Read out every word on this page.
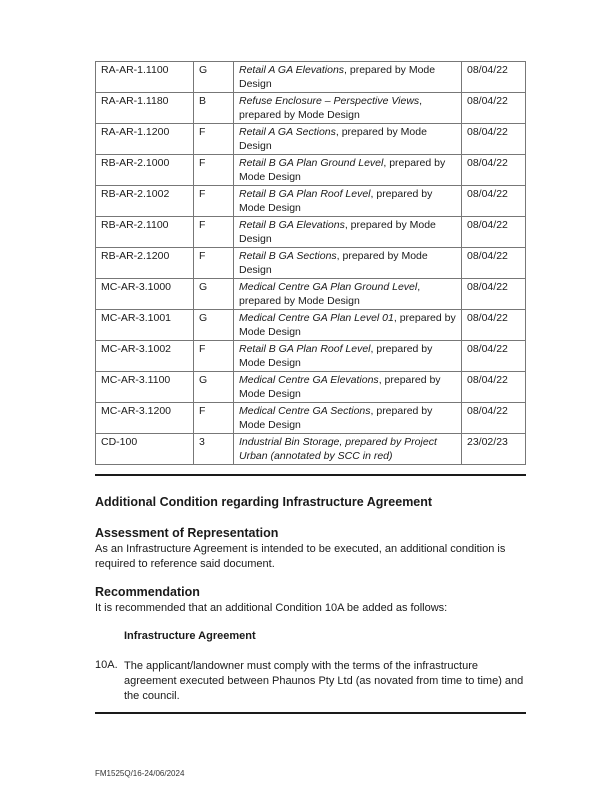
RA-AR-1.1100	G	Retail A GA Elevations, prepared by Mode Design	08/04/22
RA-AR-1.1180	B	Refuse Enclosure – Perspective Views, prepared by Mode Design	08/04/22
RA-AR-1.1200	F	Retail A GA Sections, prepared by Mode Design	08/04/22
RB-AR-2.1000	F	Retail B GA Plan Ground Level, prepared by Mode Design	08/04/22
RB-AR-2.1002	F	Retail B GA Plan Roof Level, prepared by Mode Design	08/04/22
RB-AR-2.1100	F	Retail B GA Elevations, prepared by Mode Design	08/04/22
RB-AR-2.1200	F	Retail B GA Sections, prepared by Mode Design	08/04/22
MC-AR-3.1000	G	Medical Centre GA Plan Ground Level, prepared by Mode Design	08/04/22
MC-AR-3.1001	G	Medical Centre GA Plan Level 01, prepared by Mode Design	08/04/22
MC-AR-3.1002	F	Retail B GA Plan Roof Level, prepared by Mode Design	08/04/22
MC-AR-3.1100	G	Medical Centre GA Elevations, prepared by Mode Design	08/04/22
MC-AR-3.1200	F	Medical Centre GA Sections, prepared by Mode Design	08/04/22
CD-100	3	Industrial Bin Storage, prepared by Project Urban (annotated by SCC in red)	23/02/23
Additional Condition regarding Infrastructure Agreement
Assessment of Representation
As an Infrastructure Agreement is intended to be executed, an additional condition is required to reference said document.
Recommendation
It is recommended that an additional Condition 10A be added as follows:
Infrastructure Agreement
10A. The applicant/landowner must comply with the terms of the infrastructure agreement executed between Phaunos Pty Ltd (as novated from time to time) and the council.
FM1525Q/16-24/06/2024
